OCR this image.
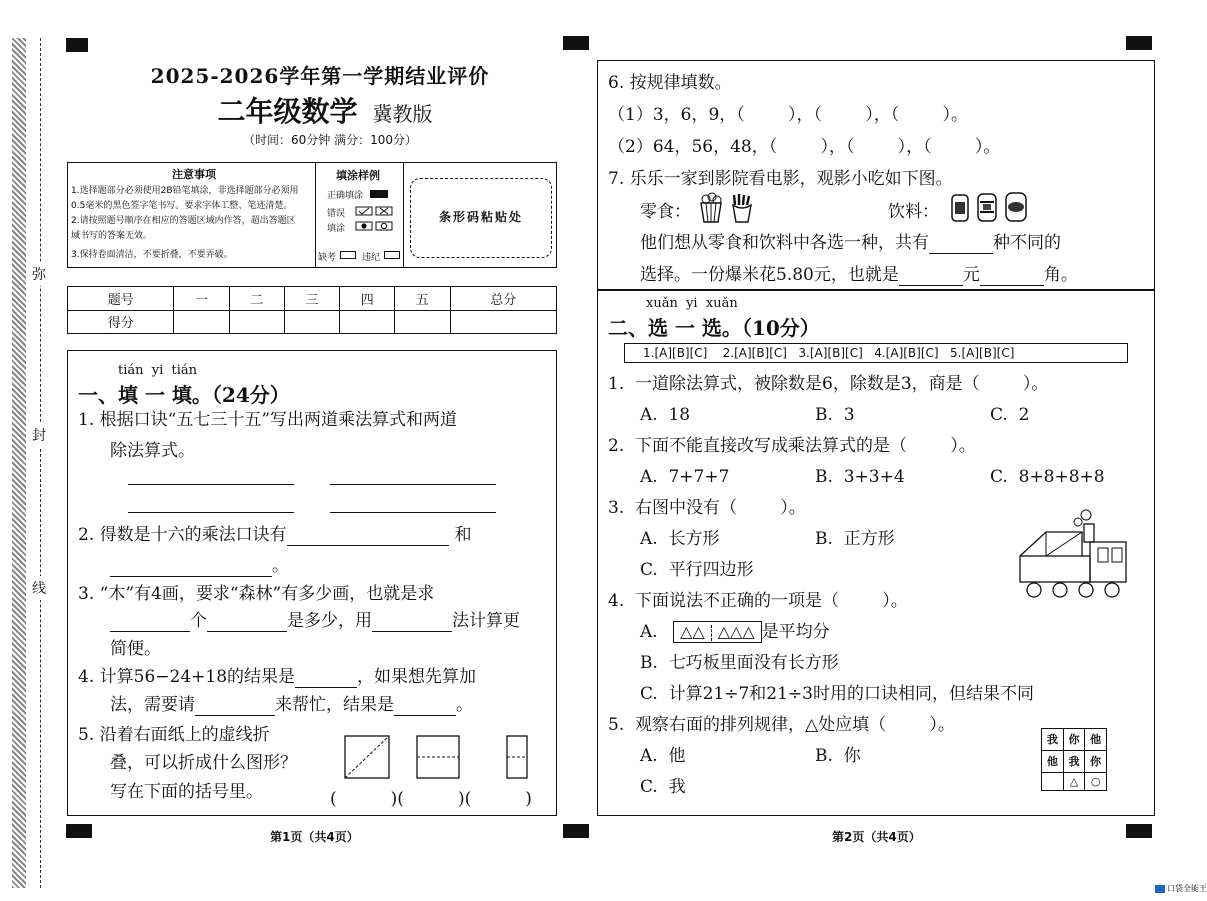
弥
封
线
2025-2026学年第一学期结业评价
二年级数学 冀教版
（时间：60分钟 满分：100分）
注意事项
1.选择题部分必须使用2B铅笔填涂，非选择题部分必须用
0.5毫米的黑色签字笔书写。要求字体工整、笔迹清楚。
2.请按照题号顺序在相应的答题区域内作答，超出答题区
域书写的答案无效。
3.保持卷面清洁，不要折叠，不要弄破。
填涂样例
正确填涂
错误
填涂
缺考	违纪
条形码粘贴处
题号	一	二	三	四	五	总分
得分						
tián  yi  tián
一、填 一 填。（24分）
1. 根据口诀“五七三十五”写出两道乘法算式和两道
除法算式。
2. 得数是十六的乘法口诀有	和
。
3. “木”有4画，要求“森林”有多少画，也就是求
个	是多少，用	法计算更
简便。
4. 计算56−24+18的结果是	，如果想先算加
法，需要请	来帮忙，结果是	。
5. 沿着右面纸上的虚线折
叠，可以折成什么图形？
写在下面的括号里。	(          )(          )(          )
第1页（共4页）	第2页（共4页）
6. 按规律填数。
（1）3，6，9，（        ），（        ），（        ）。
（2）64，56，48，（        ），（        ），（        ）。
7. 乐乐一家到影院看电影，观影小吃如下图。
零食：	饮料：
他们想从零食和饮料中各选一种，共有	种不同的
选择。一份爆米花5.80元，也就是	元	角。
xuǎn  yi  xuǎn
二、选 一 选。（10分）
1.[A][B][C]    2.[A][B][C]   3.[A][B][C]   4.[A][B][C]   5.[A][B][C]
1.  一道除法算式，被除数是6，除数是3，商是（        ）。
A.  18	B.  3	C.  2
2.  下面不能直接改写成乘法算式的是（        ）。
A.  7+7+7	B.  3+3+4	C.  8+8+8+8
3.  右图中没有（        ）。
A.  长方形	B.  正方形
C.  平行四边形
4.  下面说法不正确的一项是（        ）。
A. △△ △△△ 是平均分
B.  七巧板里面没有长方形
C.  计算21÷7和21÷3时用的口诀相同，但结果不同
5.  观察右面的排列规律，△处应填（        ）。
A.  他	B.  你
C.  我
我	你	他
他	我	你
	△	○
口袋全能王
